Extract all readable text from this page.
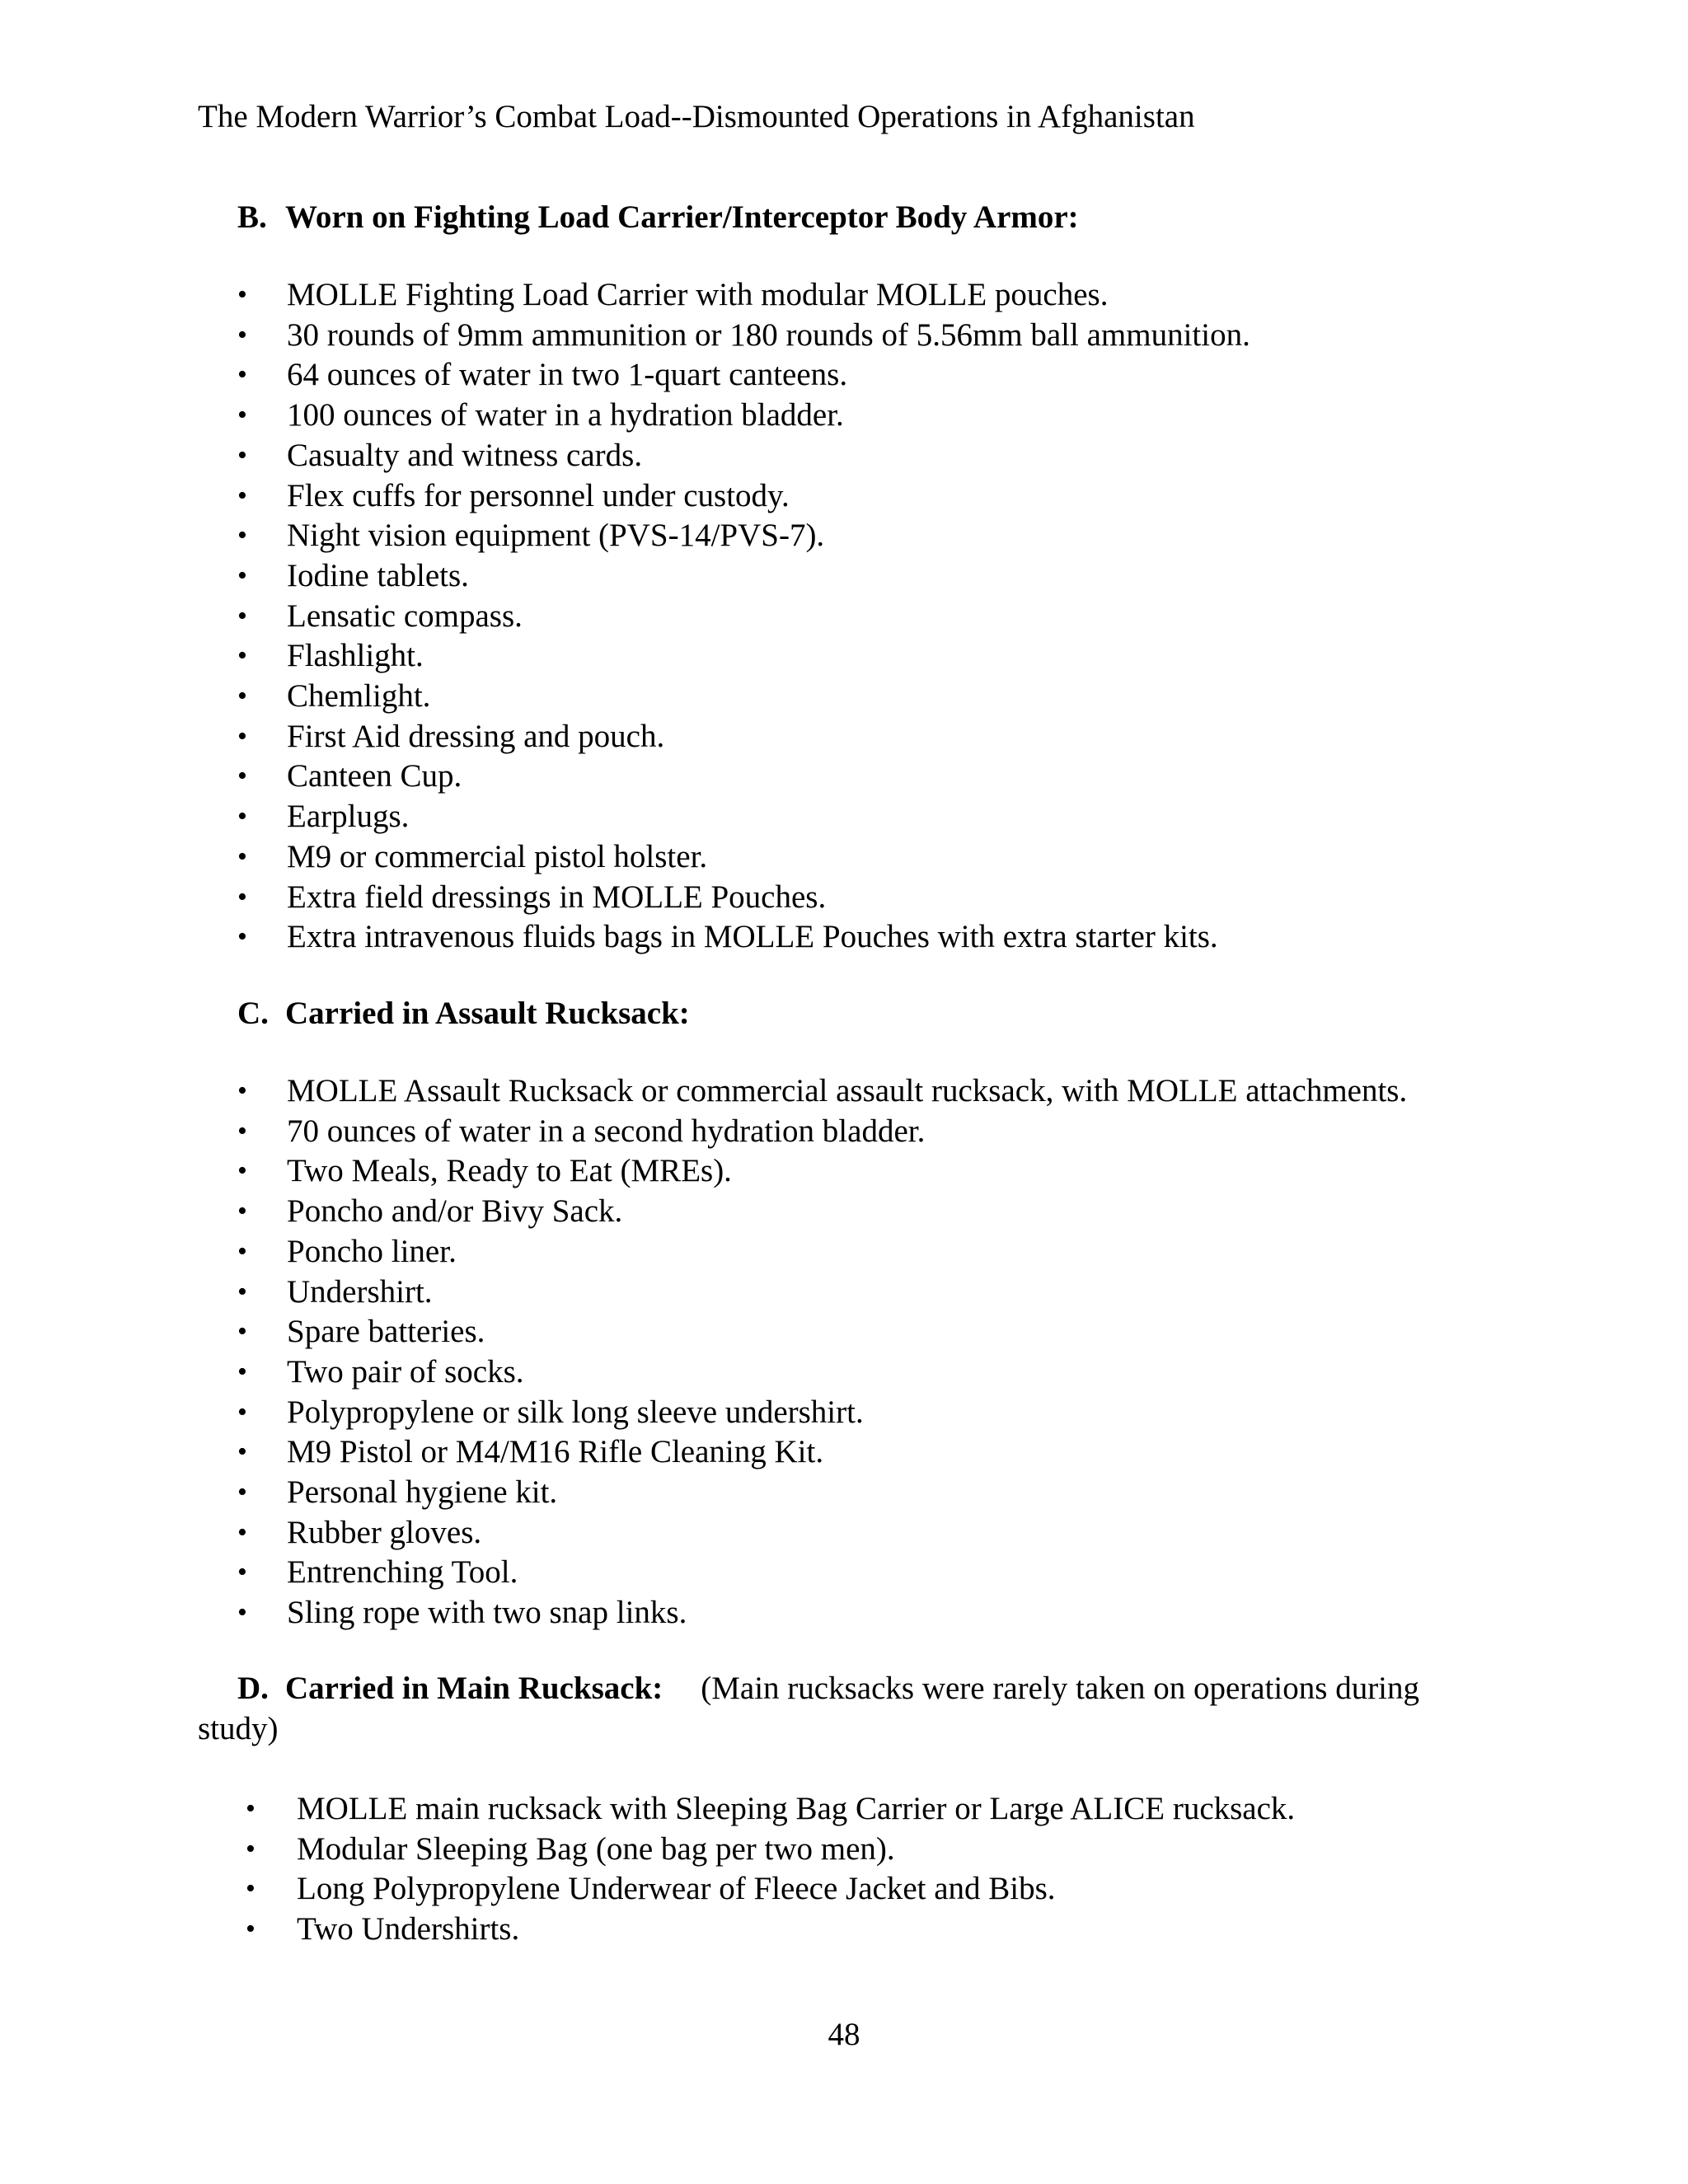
The Modern Warrior’s Combat Load--Dismounted Operations in Afghanistan
B. Worn on Fighting Load Carrier/Interceptor Body Armor:
• MOLLE Fighting Load Carrier with modular MOLLE pouches.
• 30 rounds of 9mm ammunition or 180 rounds of 5.56mm ball ammunition.
• 64 ounces of water in two 1-quart canteens.
• 100 ounces of water in a hydration bladder.
• Casualty and witness cards.
• Flex cuffs for personnel under custody.
• Night vision equipment (PVS-14/PVS-7).
• Iodine tablets.
• Lensatic compass.
• Flashlight.
• Chemlight.
• First Aid dressing and pouch.
• Canteen Cup.
• Earplugs.
• M9 or commercial pistol holster.
• Extra field dressings in MOLLE Pouches.
• Extra intravenous fluids bags in MOLLE Pouches with extra starter kits.
C. Carried in Assault Rucksack:
• MOLLE Assault Rucksack or commercial assault rucksack, with MOLLE attachments.
• 70 ounces of water in a second hydration bladder.
• Two Meals, Ready to Eat (MREs).
• Poncho and/or Bivy Sack.
• Poncho liner.
• Undershirt.
• Spare batteries.
• Two pair of socks.
• Polypropylene or silk long sleeve undershirt.
• M9 Pistol or M4/M16 Rifle Cleaning Kit.
• Personal hygiene kit.
• Rubber gloves.
• Entrenching Tool.
• Sling rope with two snap links.
D. Carried in Main Rucksack: (Main rucksacks were rarely taken on operations during
study)
• MOLLE main rucksack with Sleeping Bag Carrier or Large ALICE rucksack.
• Modular Sleeping Bag (one bag per two men).
• Long Polypropylene Underwear of Fleece Jacket and Bibs.
• Two Undershirts.
48
